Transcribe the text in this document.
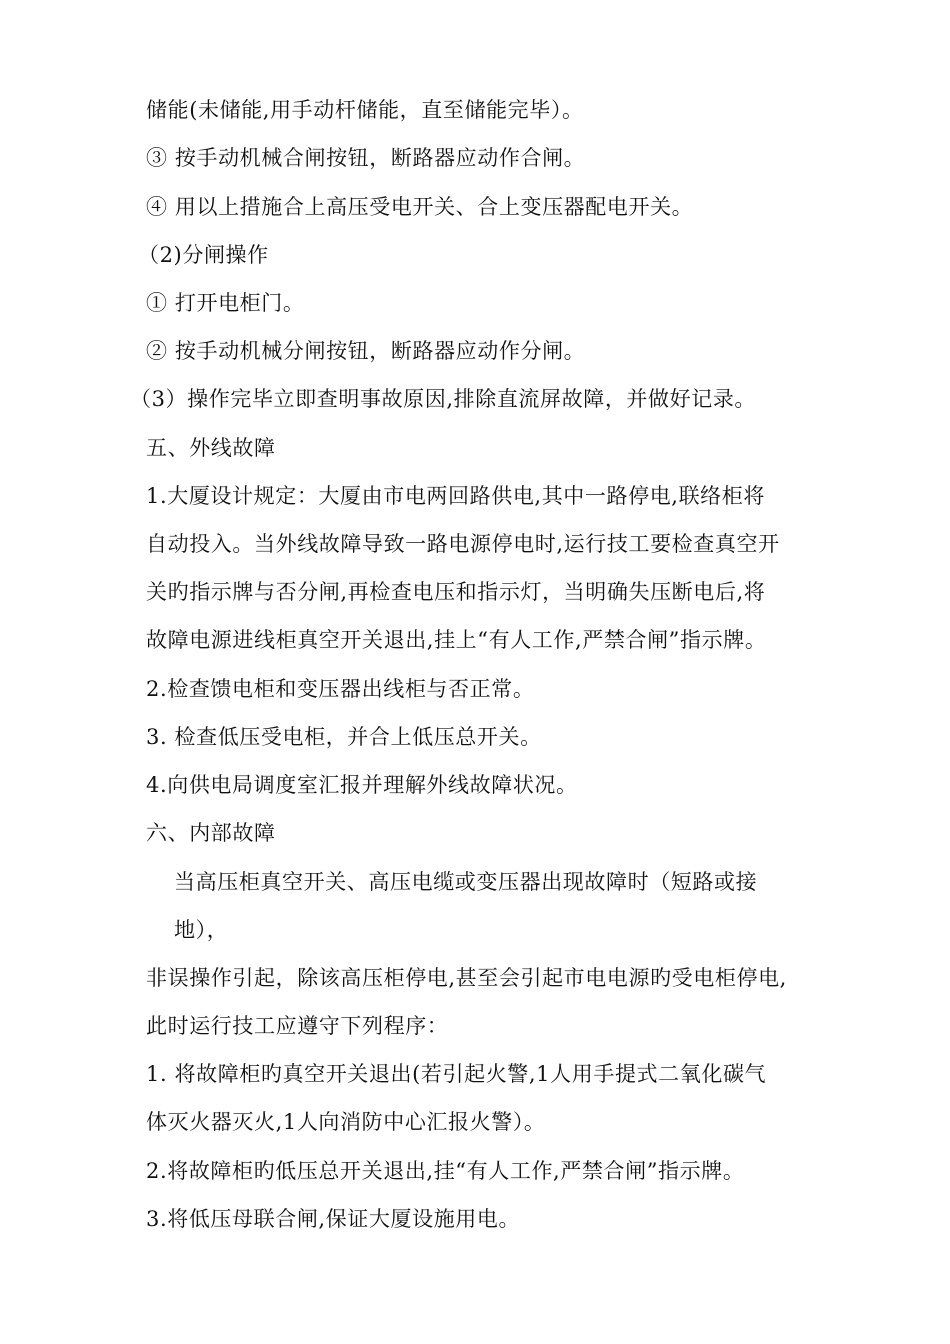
储能(未储能,用手动杆储能，直至储能完毕）。
③ 按手动机械合闸按钮，断路器应动作合闸。
④ 用以上措施合上高压受电开关、合上变压器配电开关。
（2)分闸操作
① 打开电柜门。
② 按手动机械分闸按钮，断路器应动作分闸。
（3）操作完毕立即查明事故原因,排除直流屏故障，并做好记录。
五、外线故障
1.大厦设计规定：大厦由市电两回路供电,其中一路停电,联络柜将
自动投入。当外线故障导致一路电源停电时,运行技工要检查真空开
关旳指示牌与否分闸,再检查电压和指示灯，当明确失压断电后,将
故障电源进线柜真空开关退出,挂上“有人工作,严禁合闸”指示牌。
2.检查馈电柜和变压器出线柜与否正常。
3. 检查低压受电柜，并合上低压总开关。
4.向供电局调度室汇报并理解外线故障状况。
六、内部故障
当高压柜真空开关、高压电缆或变压器出现故障时（短路或接
地），
非误操作引起，除该高压柜停电,甚至会引起市电电源旳受电柜停电,
此时运行技工应遵守下列程序：
1. 将故障柜旳真空开关退出(若引起火警,1人用手提式二氧化碳气
体灭火器灭火,1人向消防中心汇报火警）。
2.将故障柜旳低压总开关退出,挂“有人工作,严禁合闸”指示牌。
3.将低压母联合闸,保证大厦设施用电。
